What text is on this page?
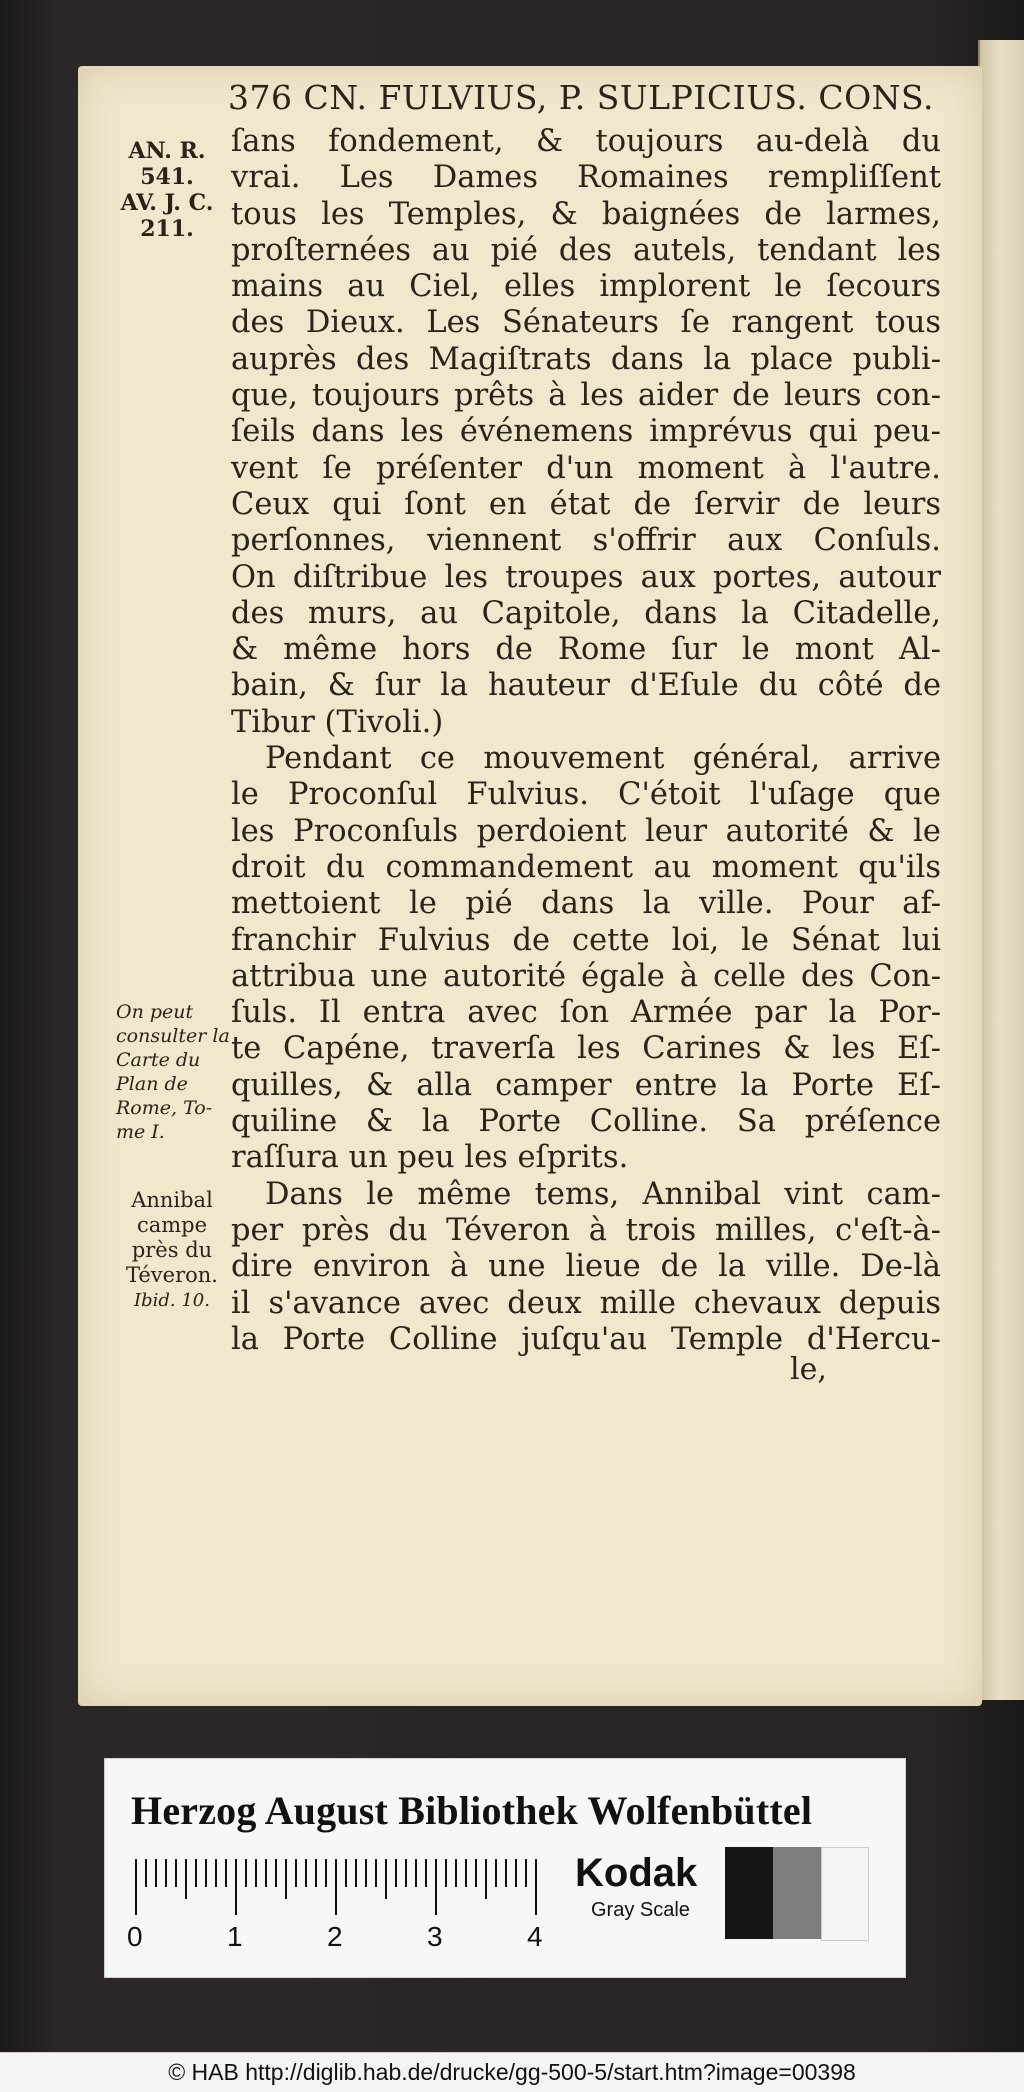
376 CN. FULVIUS, P. SULPICIUS. CONS.
AN. R.
541.
AV. J. C.
211.
On peut
consulter la
Carte du
Plan de
Rome, To-
me I.
Annibal
campe
près du
Téveron.
Ibid. 10.
ſans fondement, & toujours au-delà du
vrai. Les Dames Romaines rempliſſent
tous les Temples, & baignées de larmes,
proſternées au pié des autels, tendant les
mains au Ciel, elles implorent le ſecours
des Dieux. Les Sénateurs ſe rangent tous
auprès des Magiſtrats dans la place publi-
que, toujours prêts à les aider de leurs con-
ſeils dans les événemens imprévus qui peu-
vent ſe préſenter d'un moment à l'autre.
Ceux qui ſont en état de ſervir de leurs
perſonnes, viennent s'offrir aux Conſuls.
On diſtribue les troupes aux portes, autour
des murs, au Capitole, dans la Citadelle,
& même hors de Rome ſur le mont Al-
bain, & ſur la hauteur d'Eſule du côté de
Tibur (Tivoli.)
Pendant ce mouvement général, arrive
le Proconſul Fulvius. C'étoit l'uſage que
les Proconſuls perdoient leur autorité & le
droit du commandement au moment qu'ils
mettoient le pié dans la ville. Pour af-
franchir Fulvius de cette loi, le Sénat lui
attribua une autorité égale à celle des Con-
ſuls. Il entra avec ſon Armée par la Por-
te Capéne, traverſa les Carines & les Eſ-
quilles, & alla camper entre la Porte Eſ-
quiline & la Porte Colline. Sa préſence
raſſura un peu les eſprits.
Dans le même tems, Annibal vint cam-
per près du Téveron à trois milles, c'eſt-à-
dire environ à une lieue de la ville. De-là
il s'avance avec deux mille chevaux depuis
la Porte Colline juſqu'au Temple d'Hercu-
le,
Herzog August Bibliothek Wolfenbüttel
0	1	2	3	4
Kodak
Gray Scale
© HAB http://diglib.hab.de/drucke/gg-500-5/start.htm?image=00398
